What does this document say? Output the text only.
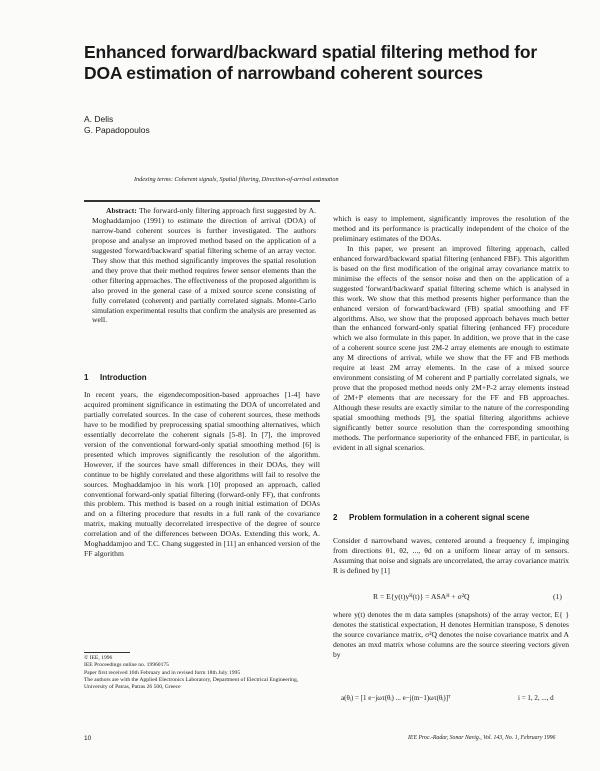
Enhanced forward/backward spatial filtering method for DOA estimation of narrowband coherent sources
A. Delis
G. Papadopoulos
Indexing terms: Coherent signals, Spatial filtering, Direction-of-arrival estimation

Abstract: The forward-only filtering approach first suggested by A. Moghaddamjoo (1991) to estimate the direction of arrival (DOA) of narrow-band coherent sources is further investigated. The authors propose and analyse an improved method based on the application of a suggested 'forward/backward' spatial filtering scheme of an array vector. They show that this method significantly improves the spatial resolution and they prove that their method requires fewer sensor elements than the other filtering approaches. The effectiveness of the proposed algorithm is also proved in the general case of a mixed source scene consisting of fully correlated (coherent) and partially correlated signals. Monte-Carlo simulation experimental results that confirm the analysis are presented as well.

1 Introduction

In recent years, the eigendecomposition-based approaches [1-4] have acquired prominent significance in estimating the DOA of uncorrelated and partially correlated sources. In the case of coherent sources, these methods have to be modified by preprocessing spatial smoothing alternatives, which essentially decorrelate the coherent signals [5-8]. In [7], the improved version of the conventional forward-only spatial smoothing method [6] is presented which improves significantly the resolution of the algorithm. However, if the sources have small differences in their DOAs, they will continue to be highly correlated and these algorithms will fail to resolve the sources. Moghaddamjoo in his work [10] proposed an approach, called conventional forward-only spatial filtering (forward-only FF), that confronts this problem. This method is based on a rough initial estimation of DOAs and on a filtering procedure that results in a full rank of the covariance matrix, making mutually decorrelated irrespective of the degree of source correlation and of the differences between DOAs. Extending this work, A. Moghaddamjoo and T.C. Chang suggested in [11] an enhanced version of the FF algorithm

© IEE, 1996
IEE Proceedings online no. 19960175
Paper first received 16th February and in revised form 18th July 1995
The authors are with the Applied Electronics Laboratory, Department of Electrical Engineering, University of Patras, Patras 26 500, Greece

which is easy to implement, significantly improves the resolution of the method and its performance is practically independent of the choice of the preliminary estimates of the DOAs.

In this paper, we present an improved filtering approach, called enhanced forward/backward spatial filtering (enhanced FBF). This algorithm is based on the first modification of the original array covariance matrix to minimise the effects of the sensor noise and then on the application of a suggested 'forward/backward' spatial filtering scheme which is analysed in this work. We show that this method presents higher performance than the enhanced version of forward/backward (FB) spatial smoothing and FF algorithms. Also, we show that the proposed approach behaves much better than the enhanced forward-only spatial filtering (enhanced FF) procedure which we also formulate in this paper. In addition, we prove that in the case of a coherent source scene just 2M-2 array elements are enough to estimate any M directions of arrival, while we show that the FF and FB methods require at least 2M array elements. In the case of a mixed source environment consisting of M coherent and P partially correlated signals, we prove that the proposed method needs only 2M+P-2 array elements instead of 2M+P elements that are necessary for the FF and FB approaches. Although these results are exactly similar to the nature of the corresponding spatial smoothing methods [9], the spatial filtering algorithms achieve significantly better source resolution than the corresponding smoothing methods. The performance superiority of the enhanced FBF, in particular, is evident in all signal scenarios.

2 Problem formulation in a coherent signal scene

Consider d narrowband waves, centered around a frequency f, impinging from directions θ1, θ2, ..., θd on a uniform linear array of m sensors. Assuming that noise and signals are uncorrelated, the array covariance matrix R is defined by [1]

R = E{y(t)yᴴ(t)} = ASAᴴ + σ²Q	(1)

where y(t) denotes the m data samples (snapshots) of the array vector, E{ } denotes the statistical expectation, H denotes Hermitian transpose, S denotes the source covariance matrix, σ²Q denotes the noise covariance matrix and A denotes an mxd matrix whose columns are the source steering vectors given by

a(θᵢ) = [1 e−jωτ(θᵢ) ... e−j(m−1)ωτ(θᵢ)]ᵀ	i = 1, 2, ..., d
10	IEE Proc.-Radar, Sonar Navig., Vol. 143, No. 1, February 1996
